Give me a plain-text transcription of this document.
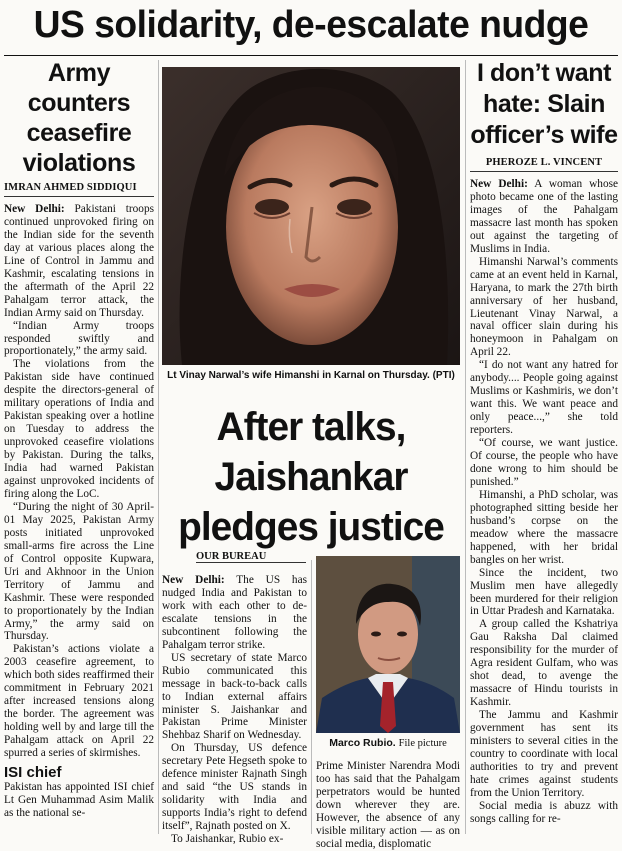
US solidarity, de-escalate nudge
Army counters ceasefire violations
IMRAN AHMED SIDDIQUI

New Delhi: Pakistani troops continued unprovoked firing on the Indian side for the seventh day at various places along the Line of Control in Jammu and Kashmir, escalating tensions in the aftermath of the April 22 Pahalgam terror attack, the Indian Army said on Thursday.

“Indian Army troops responded swiftly and proportionately,” the army said.

The violations from the Pakistan side have continued despite the directors-general of military operations of India and Pakistan speaking over a hotline on Tuesday to address the unprovoked ceasefire violations by Pakistan. During the talks, India had warned Pakistan against unprovoked incidents of firing along the LoC.

“During the night of 30 April-01 May 2025, Pakistan Army posts initiated unprovoked small-arms fire across the Line of Control opposite Kupwara, Uri and Akhnoor in the Union Territory of Jammu and Kashmir. These were responded to proportionately by the Indian Army,” the army said on Thursday.

Pakistan’s actions violate a 2003 ceasefire agreement, to which both sides reaffirmed their commitment in February 2021 after increased tensions along the border. The agreement was holding well by and large till the Pahalgam attack on April 22 spurred a series of skirmishes.

ISI chief

Pakistan has appointed ISI chief Lt Gen Muhammad Asim Malik as the national se-

Lt Vinay Narwal’s wife Himanshi in Karnal on Thursday. (PTI)
After talks, Jaishankar pledges justice
OUR BUREAU

New Delhi: The US has nudged India and Pakistan to work with each other to de-escalate tensions in the subcontinent following the Pahalgam terror strike.

US secretary of state Marco Rubio communicated this message in back-to-back calls to Indian external affairs minister S. Jaishankar and Pakistan Prime Minister Shehbaz Sharif on Wednesday.

On Thursday, US defence secretary Pete Hegseth spoke to defence minister Rajnath Singh and said “the US stands in solidarity with India and supports India’s right to defend itself”, Rajnath posted on X.

To Jaishankar, Rubio ex-

Marco Rubio. File picture

Prime Minister Narendra Modi too has said that the Pahalgam perpetrators would be hunted down wherever they are. However, the absence of any visible military action — as on social media, displomatic

I don’t want hate: Slain officer’s wife
PHEROZE L. VINCENT

New Delhi: A woman whose photo became one of the lasting images of the Pahalgam massacre last month has spoken out against the targeting of Muslims in India.

Himanshi Narwal’s comments came at an event held in Karnal, Haryana, to mark the 27th birth anniversary of her husband, Lieutenant Vinay Narwal, a naval officer slain during his honeymoon in Pahalgam on April 22.

“I do not want any hatred for anybody.... People going against Muslims or Kashmiris, we don’t want this. We want peace and only peace...,” she told reporters.

“Of course, we want justice. Of course, the people who have done wrong to him should be punished.”

Himanshi, a PhD scholar, was photographed sitting beside her husband’s corpse on the meadow where the massacre happened, with her bridal bangles on her wrist.

Since the incident, two Muslim men have allegedly been murdered for their religion in Uttar Pradesh and Karnataka.

A group called the Kshatriya Gau Raksha Dal claimed responsibility for the murder of Agra resident Gulfam, who was shot dead, to avenge the massacre of Hindu tourists in Kashmir.

The Jammu and Kashmir government has sent its ministers to several cities in the country to coordinate with local authorities to try and prevent hate crimes against students from the Union Territory.

Social media is abuzz with songs calling for re-
